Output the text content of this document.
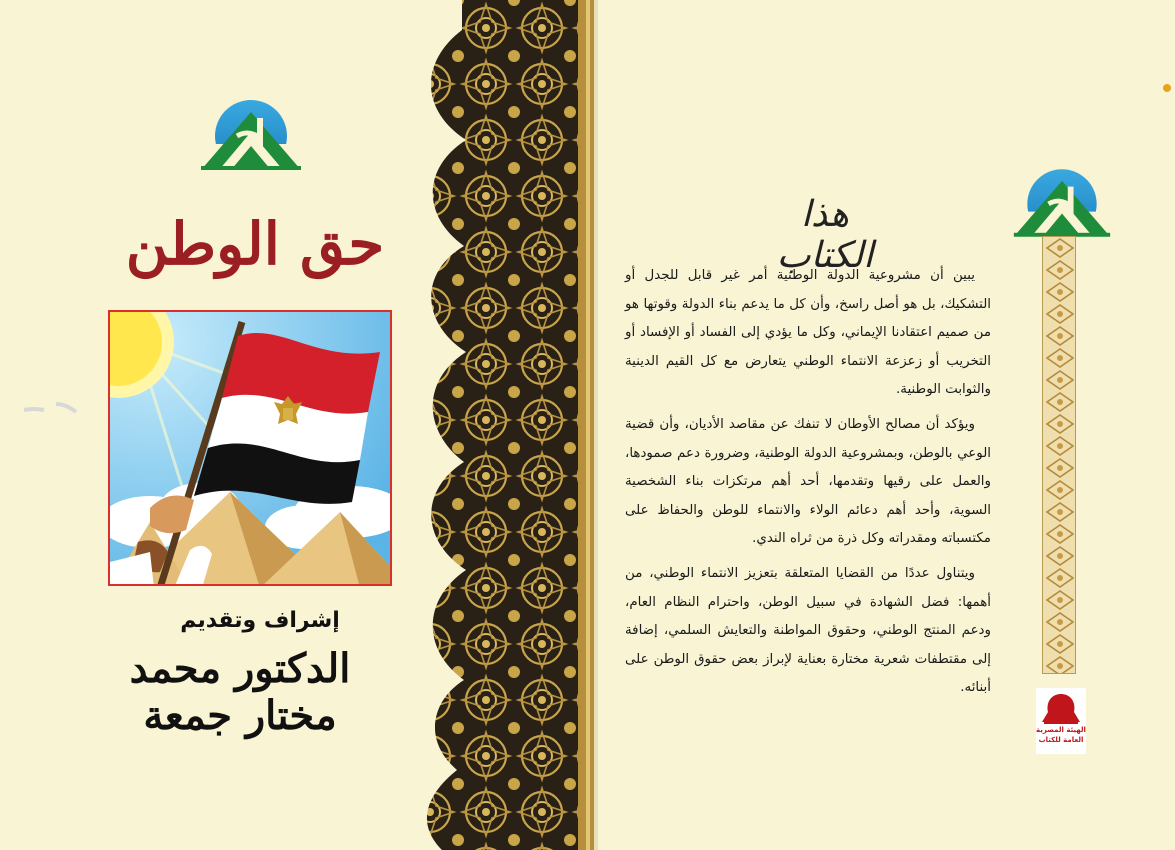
حق الوطن
إشراف وتقديم
الدكتور محمد مختار جمعة
هذا الكتاب

يبين أن مشروعية الدولة الوطنية أمر غير قابل للجدل أو التشكيك، بل هو أصل راسخ، وأن كل ما يدعم بناء الدولة وقوتها هو من صميم اعتقادنا الإيماني، وكل ما يؤدي إلى الفساد أو الإفساد أو التخريب أو زعزعة الانتماء الوطني يتعارض مع كل القيم الدينية والثوابت الوطنية.

ويؤكد أن مصالح الأوطان لا تنفك عن مقاصد الأديان، وأن قضية الوعي بالوطن، وبمشروعية الدولة الوطنية، وضرورة دعم صمودها، والعمل على رقيها وتقدمها، أحد أهم مرتكزات بناء الشخصية السوية، وأحد أهم دعائم الولاء والانتماء للوطن والحفاظ على مكتسباته ومقدراته وكل ذرة من ثراه الندي.

ويتناول عددًا من القضايا المتعلقة بتعزيز الانتماء الوطني، من أهمها: فضل الشهادة في سبيل الوطن، واحترام النظام العام، ودعم المنتج الوطني، وحقوق المواطنة والتعايش السلمي، إضافة إلى مقتطفات شعرية مختارة بعناية لإبراز بعض حقوق الوطن على أبنائه.

الهيئة المصرية
العامة للكتاب
